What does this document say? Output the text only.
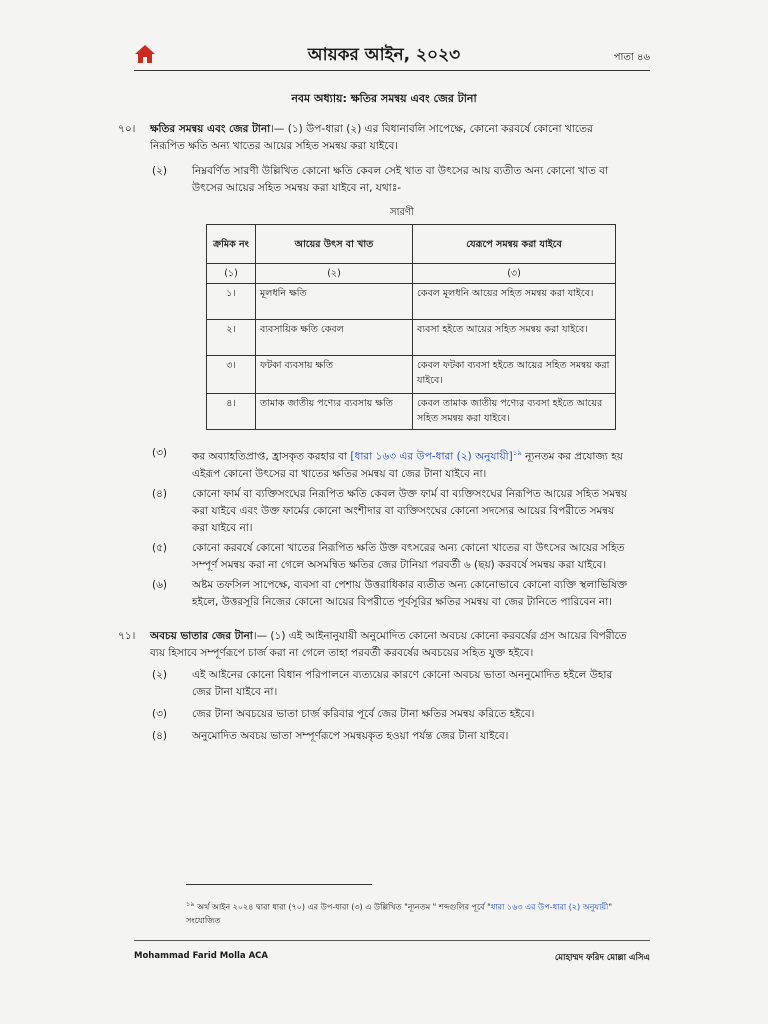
আয়কর আইন, ২০২৩	পাতা ৪৬
নবম অধ্যায়: ক্ষতির সমন্বয় এবং জের টানা
৭০। ক্ষতির সমন্বয় এবং জের টানা।— (১) উপ-ধারা (২) এর বিধানাবলি সাপেক্ষে, কোনো করবর্ষে কোনো খাতের নিরূপিত ক্ষতি অন্য খাতের আয়ের সহিত সমন্বয় করা যাইবে।
(২) নিম্নবর্ণিত সারণী উল্লিখিত কোনো ক্ষতি কেবল সেই খাত বা উৎসের আয় ব্যতীত অন্য কোনো খাত বা উৎসের আয়ের সহিত সমন্বয় করা যাইবে না, যথাঃ-
সারণী
ক্রমিক নং	আয়ের উৎস বা খাত	যেরূপে সমন্বয় করা যাইবে
(১)	(২)	(৩)
১।	মূলধনি ক্ষতি	কেবল মূলধনি আয়ের সহিত সমন্বয় করা যাইবে।
২।	ব্যবসায়িক ক্ষতি কেবল	ব্যবসা হইতে আয়ের সহিত সমন্বয় করা যাইবে।
৩।	ফটকা ব্যবসায় ক্ষতি	কেবল ফটকা ব্যবসা হইতে আয়ের সহিত সমন্বয় করা যাইবে।
৪।	তামাক জাতীয় পণ্যের ব্যবসায় ক্ষতি	কেবল তামাক জাতীয় পণ্যের ব্যবসা হইতে আয়ের সহিত সমন্বয় করা যাইবে।
(৩) কর অব্যাহতিপ্রাপ্ত, হ্রাসকৃত করহার বা [ধারা ১৬৩ এর উপ-ধারা (২) অনুযায়ী]$^{১৯}$ ন্যূনতম কর প্রযোজ্য হয় এইরূপ কোনো উৎসের বা খাতের ক্ষতির সমন্বয় বা জের টানা যাইবে না।
(৪) কোনো ফার্ম বা ব্যক্তিসংঘের নিরূপিত ক্ষতি কেবল উক্ত ফার্ম বা ব্যক্তিসংঘের নিরূপিত আয়ের সহিত সমন্বয় করা যাইবে এবং উক্ত ফার্মের কোনো অংশীদার বা ব্যক্তিসংঘের কোনো সদস্যের আয়ের বিপরীতে সমন্বয় করা যাইবে না।
(৫) কোনো করবর্ষে কোনো খাতের নিরূপিত ক্ষতি উক্ত বৎসরের অন্য কোনো খাতের বা উৎসের আয়ের সহিত সম্পূর্ণ সমন্বয় করা না গেলে অসমন্বিত ক্ষতির জের টানিয়া পরবর্তী ৬ (ছয়) করবর্ষে সমন্বয় করা যাইবে।
(৬) অষ্টম তফসিল সাপেক্ষে, ব্যবসা বা পেশায় উত্তরাধিকার ব্যতীত অন্য কোনোভাবে কোনো ব্যক্তি স্থলাভিষিক্ত হইলে, উত্তরসূরি নিজের কোনো আয়ের বিপরীতে পূর্বসূরির ক্ষতির সমন্বয় বা জের টানিতে পারিবেন না।
৭১। অবচয় ভাতার জের টানা।— (১) এই আইনানুযায়ী অনুমোদিত কোনো অবচয় কোনো করবর্ষের গ্রস আয়ের বিপরীতে ব্যয় হিসাবে সম্পূর্ণরূপে চার্জ করা না গেলে তাহা পরবর্তী করবর্ষের অবচয়ের সহিত যুক্ত হইবে।
(২) এই আইনের কোনো বিধান পরিপালনে ব্যত্যয়ের কারণে কোনো অবচয় ভাতা অননুমোদিত হইলে উহার জের টানা যাইবে না।
(৩) জের টানা অবচয়ের ভাতা চার্জ করিবার পূর্বে জের টানা ক্ষতির সমন্বয় করিতে হইবে।
(৪) অনুমোদিত অবচয় ভাতা সম্পূর্ণরূপে সমন্বয়কৃত হওয়া পর্যন্ত জের টানা যাইবে।
$^{১৯}$ অর্থ আইন ২০২৪ দ্বারা ধারা (৭০) এর উপ-ধারা (৩) এ উল্লিখিত "ন্যূনতম " শব্দগুলির পূর্বে "ধারা ১৬৩ এর উপ-ধারা (২) অনুযায়ী" সংযোজিত
Mohammad Farid Molla ACA	মোহাম্মদ ফরিদ মোল্লা এসিএ
